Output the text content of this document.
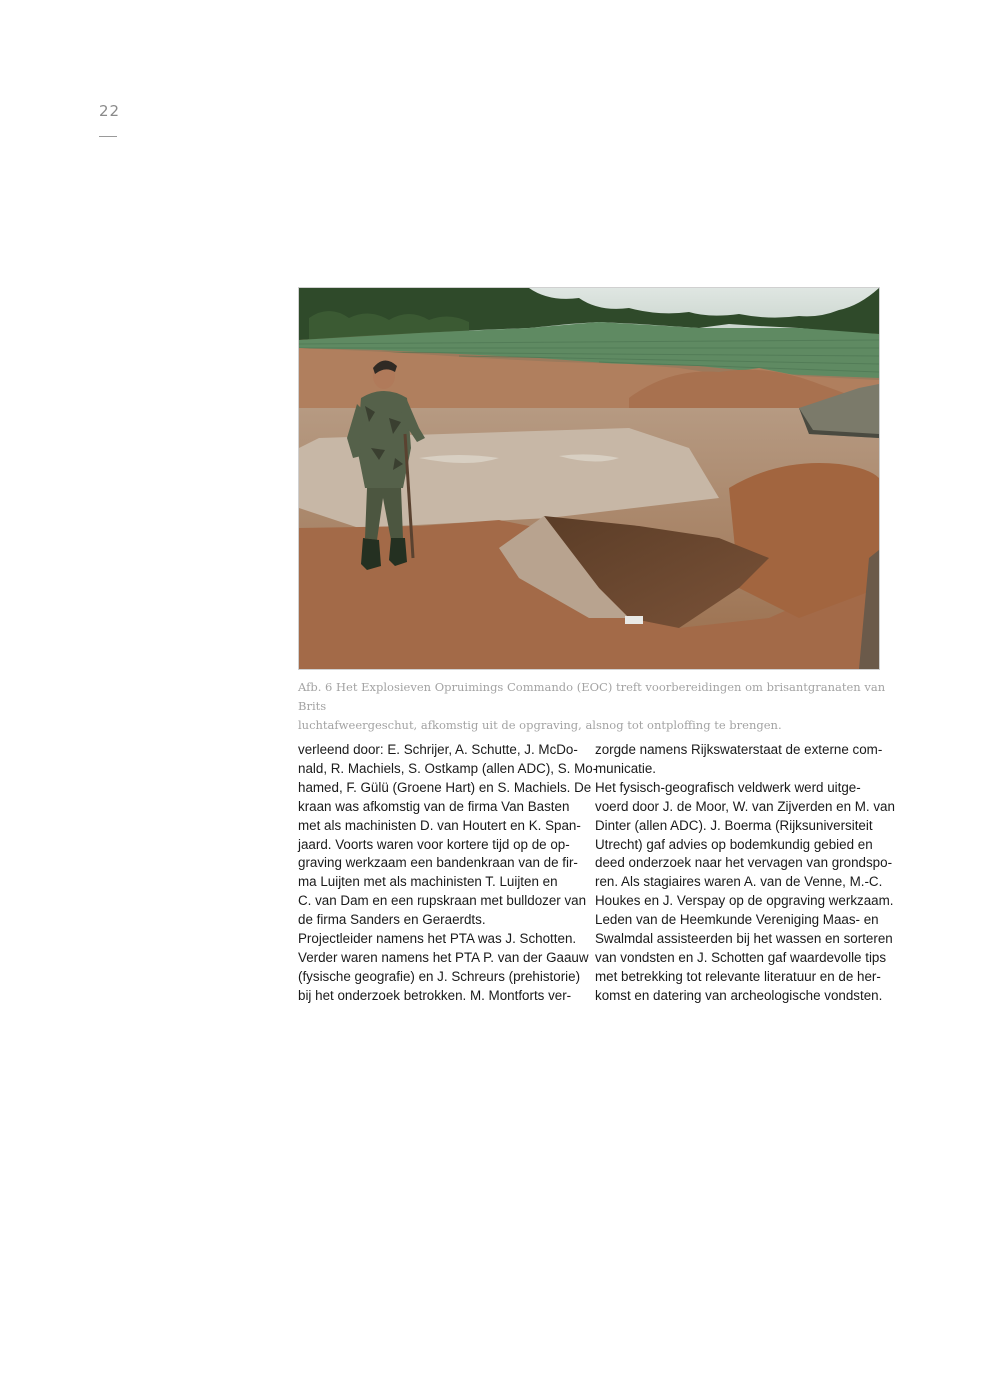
22
Afb. 6 Het Explosieven Opruimings Commando (EOC) treft voorbereidingen om brisantgranaten van Brits
luchtafweergeschut, afkomstig uit de opgraving, alsnog tot ontploffing te brengen.
verleend door: E. Schrijer, A. Schutte, J. McDo-
nald, R. Machiels, S. Ostkamp (allen ADC), S. Mo-
hamed, F. Gülü (Groene Hart) en S. Machiels. De
kraan was afkomstig van de firma Van Basten
met als machinisten D. van Houtert en K. Span-
jaard. Voorts waren voor kortere tijd op de op-
graving werkzaam een bandenkraan van de fir-
ma Luijten met als machinisten T. Luijten en
C. van Dam en een rupskraan met bulldozer van
de firma Sanders en Geraerdts.
Projectleider namens het PTA was J. Schotten.
Verder waren namens het PTA P. van der Gaauw
(fysische geografie) en J. Schreurs (prehistorie)
bij het onderzoek betrokken. M. Montforts ver-
zorgde namens Rijkswaterstaat de externe com-
municatie.
Het fysisch-geografisch veldwerk werd uitge-
voerd door J. de Moor, W. van Zijverden en M. van
Dinter (allen ADC). J. Boerma (Rijksuniversiteit
Utrecht) gaf advies op bodemkundig gebied en
deed onderzoek naar het vervagen van grondspo-
ren. Als stagiaires waren A. van de Venne, M.-C.
Houkes en J. Verspay op de opgraving werkzaam.
Leden van de Heemkunde Vereniging Maas- en
Swalmdal assisteerden bij het wassen en sorteren
van vondsten en J. Schotten gaf waardevolle tips
met betrekking tot relevante literatuur en de her-
komst en datering van archeologische vondsten.
